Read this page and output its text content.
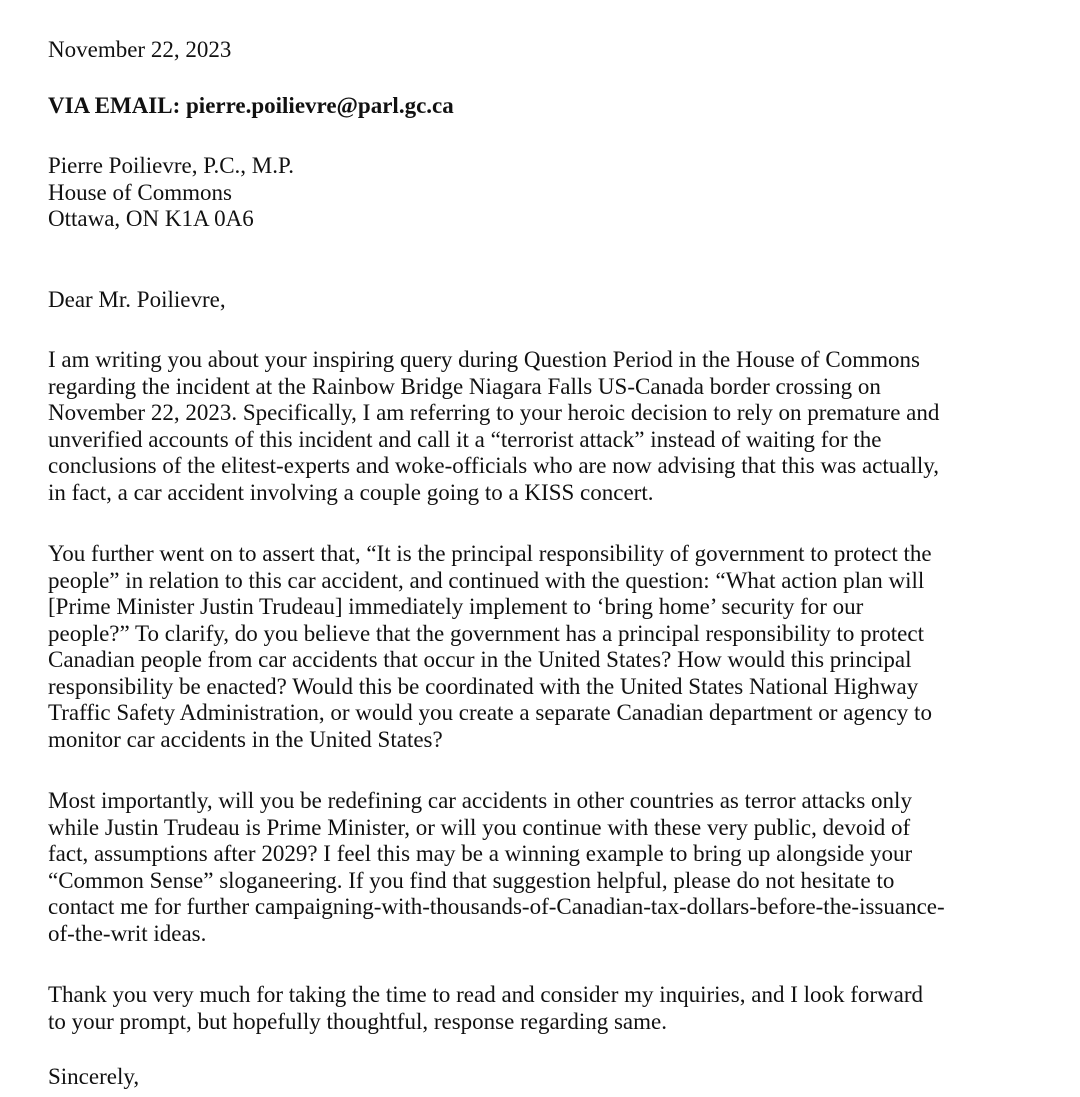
November 22, 2023
VIA EMAIL: pierre.poilievre@parl.gc.ca
Pierre Poilievre, P.C., M.P.
House of Commons
Ottawa, ON K1A 0A6
Dear Mr. Poilievre,
I am writing you about your inspiring query during Question Period in the House of Commons
regarding the incident at the Rainbow Bridge Niagara Falls US-Canada border crossing on
November 22, 2023. Specifically, I am referring to your heroic decision to rely on premature and
unverified accounts of this incident and call it a “terrorist attack” instead of waiting for the
conclusions of the elitest-experts and woke-officials who are now advising that this was actually,
in fact, a car accident involving a couple going to a KISS concert.
You further went on to assert that, “It is the principal responsibility of government to protect the
people” in relation to this car accident, and continued with the question: “What action plan will
[Prime Minister Justin Trudeau] immediately implement to ‘bring home’ security for our
people?” To clarify, do you believe that the government has a principal responsibility to protect
Canadian people from car accidents that occur in the United States? How would this principal
responsibility be enacted? Would this be coordinated with the United States National Highway
Traffic Safety Administration, or would you create a separate Canadian department or agency to
monitor car accidents in the United States?
Most importantly, will you be redefining car accidents in other countries as terror attacks only
while Justin Trudeau is Prime Minister, or will you continue with these very public, devoid of
fact, assumptions after 2029? I feel this may be a winning example to bring up alongside your
“Common Sense” sloganeering. If you find that suggestion helpful, please do not hesitate to
contact me for further campaigning-with-thousands-of-Canadian-tax-dollars-before-the-issuance-
of-the-writ ideas.
Thank you very much for taking the time to read and consider my inquiries, and I look forward
to your prompt, but hopefully thoughtful, response regarding same.
Sincerely,
